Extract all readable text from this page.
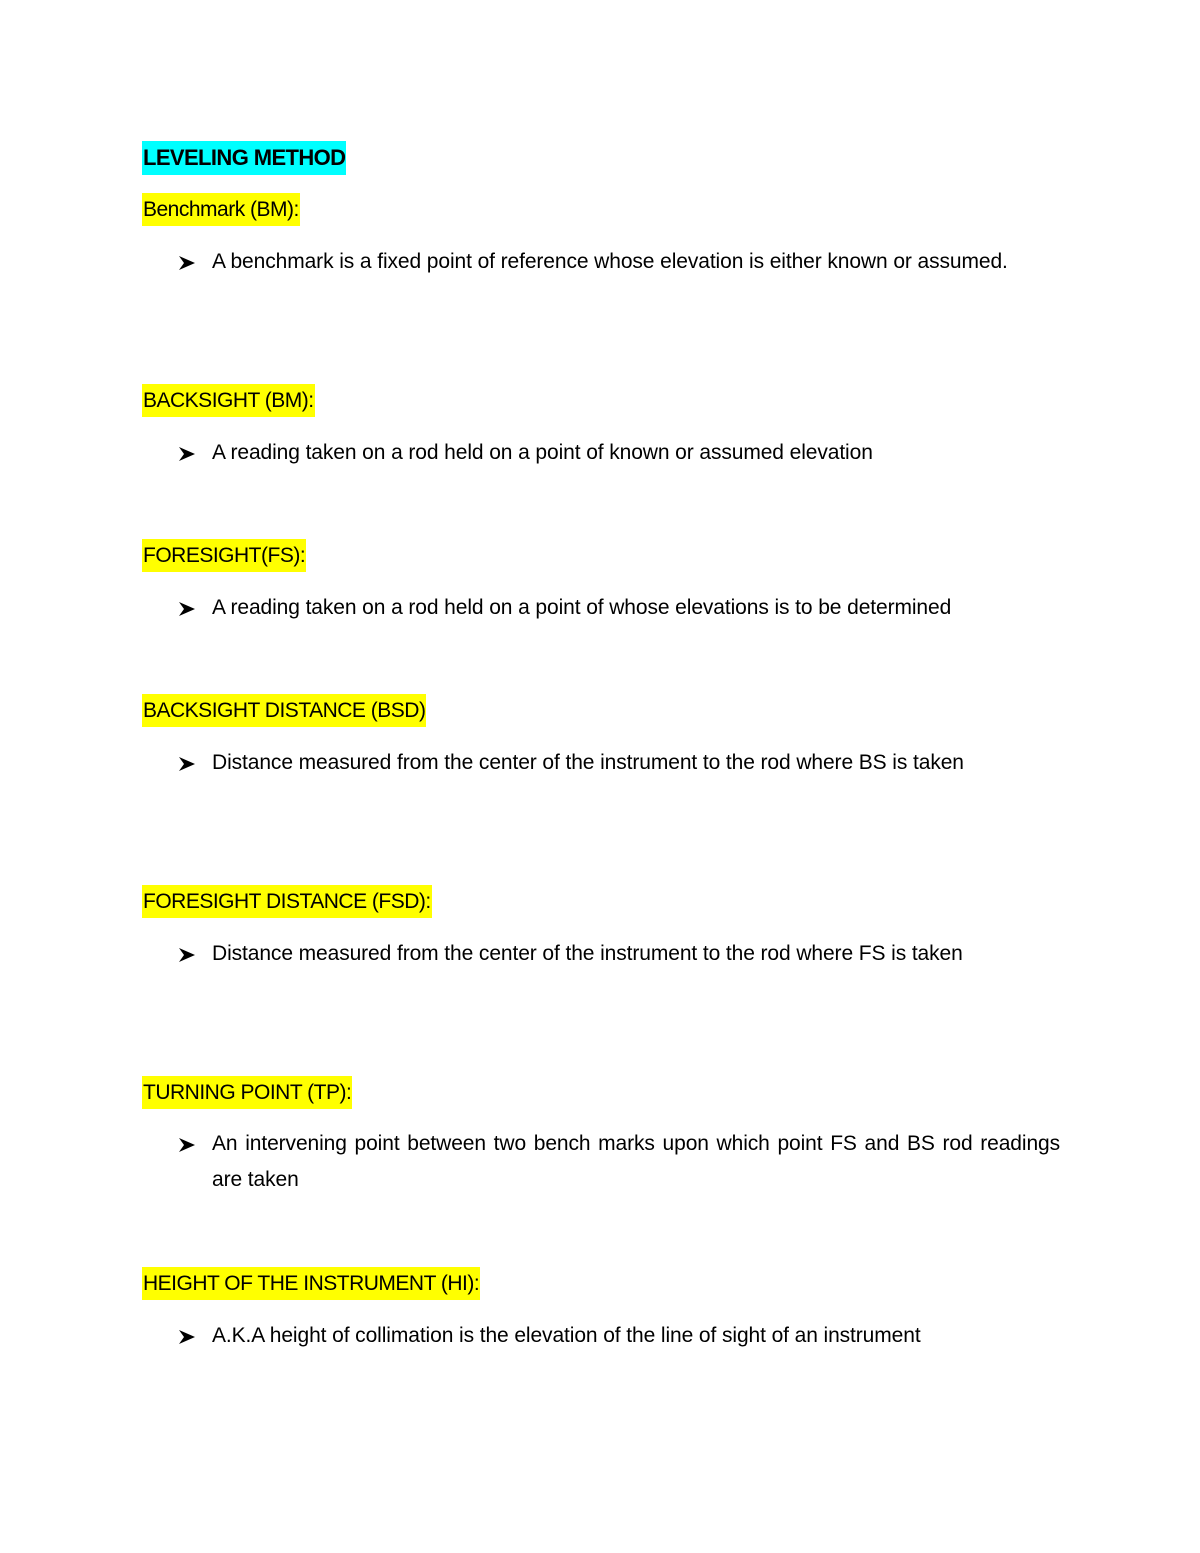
LEVELING METHOD
Benchmark (BM):
A benchmark is a fixed point of reference whose elevation is either known or assumed.
BACKSIGHT (BM):
A reading taken on a rod held on a point of known or assumed elevation
FORESIGHT(FS):
A reading taken on a rod held on a point of whose elevations is to be determined
BACKSIGHT DISTANCE (BSD)
Distance measured from the center of the instrument to the rod where BS is taken
FORESIGHT DISTANCE (FSD):
Distance measured from the center of the instrument to the rod where FS is taken
TURNING POINT (TP):
An intervening point between two bench marks upon which point FS and BS rod readings are taken
HEIGHT OF THE INSTRUMENT (HI):
A.K.A height of collimation is the elevation of the line of sight of an instrument
